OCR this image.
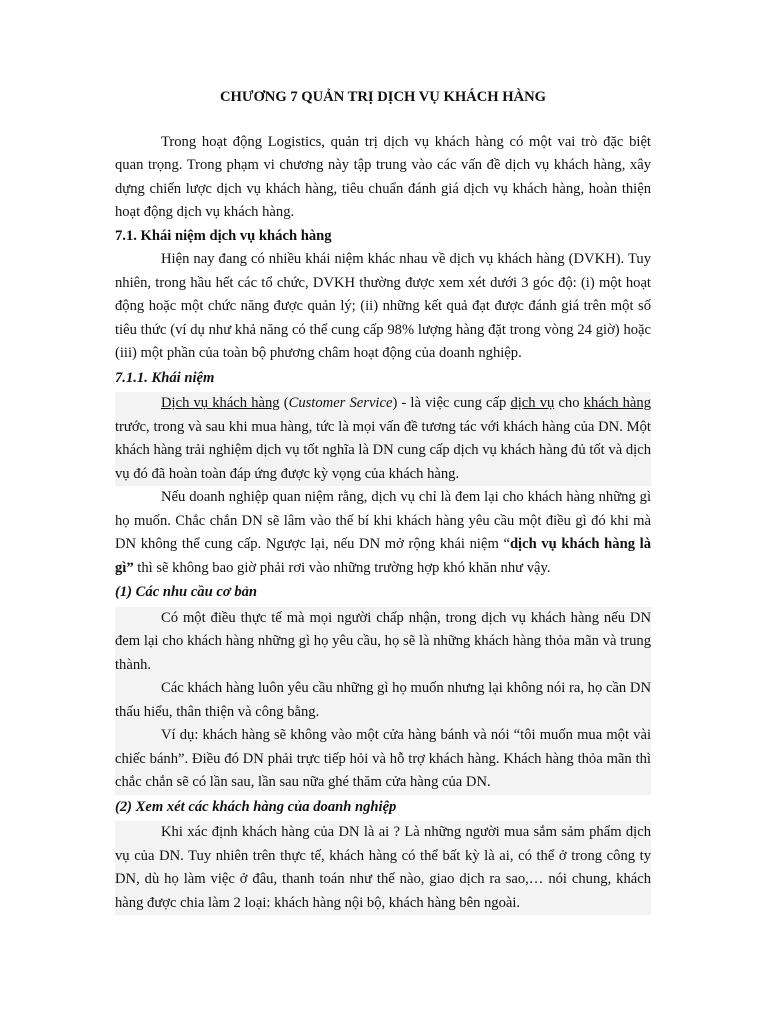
CHƯƠNG 7 QUẢN TRỊ DỊCH VỤ KHÁCH HÀNG

Trong hoạt động Logistics, quản trị dịch vụ khách hàng có một vai trò đặc biệt quan trọng. Trong phạm vi chương này tập trung vào các vấn đề dịch vụ khách hàng, xây dựng chiến lược dịch vụ khách hàng, tiêu chuẩn đánh giá dịch vụ khách hàng, hoàn thiện hoạt động dịch vụ khách hàng.

7.1. Khái niệm dịch vụ khách hàng

Hiện nay đang có nhiều khái niệm khác nhau về dịch vụ khách hàng (DVKH). Tuy nhiên, trong hầu hết các tổ chức, DVKH thường được xem xét dưới 3 góc độ: (i) một hoạt động hoặc một chức năng được quản lý; (ii) những kết quả đạt được đánh giá trên một số tiêu thức (ví dụ như khả năng có thể cung cấp 98% lượng hàng đặt trong vòng 24 giờ) hoặc (iii) một phần của toàn bộ phương châm hoạt động của doanh nghiệp.

7.1.1. Khái niệm

Dịch vụ khách hàng (Customer Service) - là việc cung cấp dịch vụ cho khách hàng trước, trong và sau khi mua hàng, tức là mọi vấn đề tương tác với khách hàng của DN. Một khách hàng trải nghiệm dịch vụ tốt nghĩa là DN cung cấp dịch vụ khách hàng đủ tốt và dịch vụ đó đã hoàn toàn đáp ứng được kỳ vọng của khách hàng.

Nếu doanh nghiệp quan niệm rằng, dịch vụ chỉ là đem lại cho khách hàng những gì họ muốn. Chắc chắn DN sẽ lâm vào thế bí khi khách hàng yêu cầu một điều gì đó khi mà DN không thể cung cấp. Ngược lại, nếu DN mở rộng khái niệm “dịch vụ khách hàng là gì” thì sẽ không bao giờ phải rơi vào những trường hợp khó khăn như vậy.

(1) Các nhu cầu cơ bản

Có một điều thực tế mà mọi người chấp nhận, trong dịch vụ khách hàng nếu DN đem lại cho khách hàng những gì họ yêu cầu, họ sẽ là những khách hàng thỏa mãn và trung thành.

Các khách hàng luôn yêu cầu những gì họ muốn nhưng lại không nói ra, họ cần DN thấu hiểu, thân thiện và công bằng.

Ví dụ: khách hàng sẽ không vào một cửa hàng bánh và nói “tôi muốn mua một vài chiếc bánh”. Điều đó DN phải trực tiếp hỏi và hỗ trợ khách hàng. Khách hàng thỏa mãn thì chắc chắn sẽ có lần sau, lần sau nữa ghé thăm cửa hàng của DN.

(2) Xem xét các khách hàng của doanh nghiệp

Khi xác định khách hàng của DN là ai ? Là những người mua sắm sảm phẩm dịch vụ của DN. Tuy nhiên trên thực tế, khách hàng có thể bất kỳ là ai, có thể ở trong công ty DN, dù họ làm việc ở đâu, thanh toán như thế nào, giao dịch ra sao,… nói chung, khách hàng được chia làm 2 loại: khách hàng nội bộ, khách hàng bên ngoài.
